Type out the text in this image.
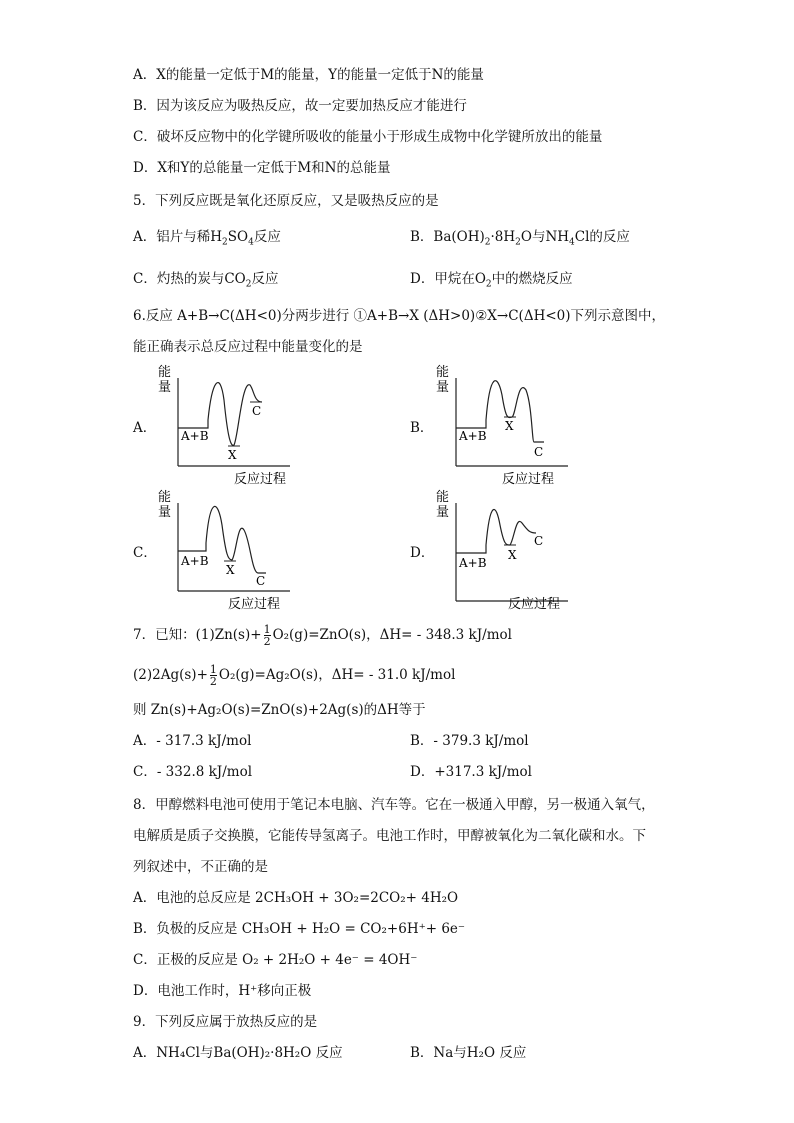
A．X的能量一定低于M的能量，Y的能量一定低于N的能量
B．因为该反应为吸热反应，故一定要加热反应才能进行
C．破坏反应物中的化学键所吸收的能量小于形成生成物中化学键所放出的能量
D．X和Y的总能量一定低于M和N的总能量
5．下列反应既是氧化还原反应，又是吸热反应的是
A．铝片与稀$H_2SO_4$反应	B．$Ba(OH)_2\cdot 8H_2O$与$NH_4Cl$的反应
C．灼热的炭与$CO_2$反应	D．甲烷在$O_2$中的燃烧反应
6.反应 A+B→C(ΔH<0)分两步进行 ①A+B→X (ΔH>0)②X→C(ΔH<0)下列示意图中，
能正确表示总反应过程中能量变化的是
A．	B．
C．	D．
能
量
A+B
X
C
反应过程
能
量
A+B
X
C
反应过程
能
量
A+B
X
C
反应过程
能
量
A+B
X
C
反应过程
7．已知：$(1)Zn(s)+ \frac{1}{2} O_2(g)=ZnO(s)$，ΔH= - 348.3 kJ/mol
$(2)2Ag(s)+ \frac{1}{2} O_2(g)=Ag_2O(s)$，ΔH= - 31.0 kJ/mol
则 Zn(s)+Ag₂O(s)=ZnO(s)+2Ag(s)的ΔH等于
A．- 317.3 kJ/mol	B．- 379.3 kJ/mol
C．- 332.8 kJ/mol	D．+317.3 kJ/mol
8．甲醇燃料电池可使用于笔记本电脑、汽车等。它在一极通入甲醇，另一极通入氧气，
电解质是质子交换膜，它能传导氢离子。电池工作时，甲醇被氧化为二氧化碳和水。下
列叙述中，不正确的是
A．电池的总反应是 2CH₃OH + 3O₂=2CO₂+ 4H₂O
B．负极的反应是 CH₃OH + H₂O = CO₂+6H⁺+ 6e⁻
C．正极的反应是 O₂ + 2H₂O + 4e⁻ = 4OH⁻
D．电池工作时，H⁺移向正极
9．下列反应属于放热反应的是
A．NH₄Cl与Ba(OH)₂·8H₂O 反应	B．Na与H₂O 反应
